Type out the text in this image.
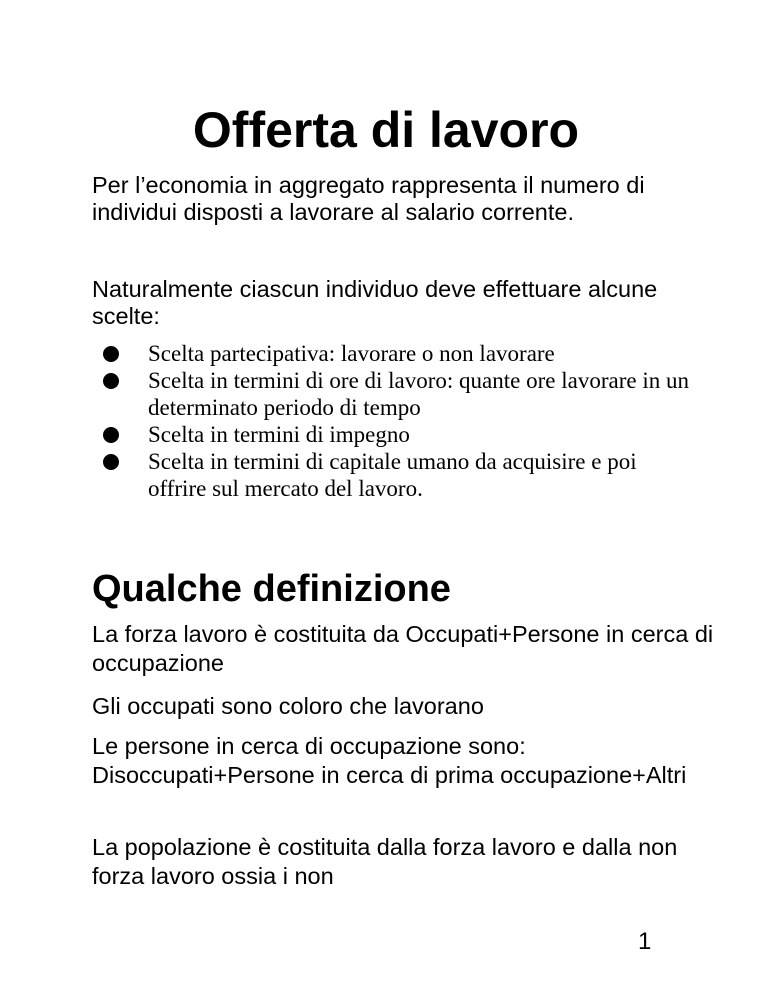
Offerta di lavoro

Per l’economia in aggregato rappresenta il numero di individui disposti a lavorare al salario corrente.

Naturalmente ciascun individuo deve effettuare alcune scelte:

Scelta partecipativa: lavorare o non lavorare
Scelta in termini di ore di lavoro: quante ore lavorare in un determinato periodo di tempo
Scelta in termini di impegno
Scelta in termini di capitale umano da acquisire e poi offrire sul mercato del lavoro.
Qualche definizione

La forza lavoro è costituita da Occupati+Persone in cerca di occupazione

Gli occupati sono coloro che lavorano

Le persone in cerca di occupazione sono: Disoccupati+Persone in cerca di prima occupazione+Altri

La popolazione è costituita dalla forza lavoro e dalla non forza lavoro ossia i non

1
